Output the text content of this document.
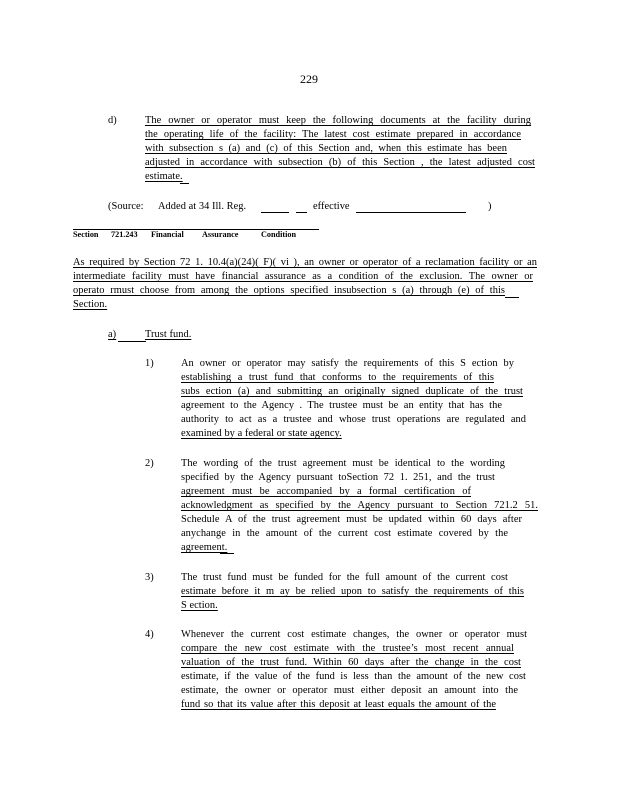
229
d)	The owner or operator must keep the following documents at the facility during
the operating life of the facility: The latest cost estimate prepared in accordance
with subsection s (a) and (c) of this Section and, when this estimate has been
adjusted in accordance with subsection (b) of this Section , the latest adjusted cost
estimate.
(Source: Added at 34 Ill. Reg.	effective	)
Section 721.243 Financial Assurance	Condition
As required by Section 72 1. 10.4(a)(24)( F)( vi ), an owner or operator of a reclamation facility or an
intermediate facility must have financial assurance as a condition of the exclusion. The owner or
operato rmust choose from among the options specified insubsection s (a) through (e) of this
Section.
a)	Trust fund.
1)	An owner or operator may satisfy the requirements of this S ection by
establishing a trust fund that conforms to the requirements of this
subs ection (a) and submitting an originally signed duplicate of the trust
agreement to the Agency . The trustee must be an entity that has the
authority to act as a trustee and whose trust operations are regulated and
examined by a federal or state agency.
2)	The wording of the trust agreement must be identical to the wording
specified by the Agency pursuant toSection 72 1. 251, and the trust
agreement must be accompanied by a formal certification of
acknowledgment as specified by the Agency pursuant to Section 721.2 51.
Schedule A of the trust agreement must be updated within 60 days after
anychange in the amount of the current cost estimate covered by the
agreement.
3)	The trust fund must be funded for the full amount of the current cost
estimate before it m ay be relied upon to satisfy the requirements of this
S ection.
4)	Whenever the current cost estimate changes, the owner or operator must
compare the new cost estimate with the trustee’s most recent annual
valuation of the trust fund. Within 60 days after the change in the cost
estimate, if the value of the fund is less than the amount of the new cost
estimate, the owner or operator must either deposit an amount into the
fund so that its value after this deposit at least equals the amount of the
